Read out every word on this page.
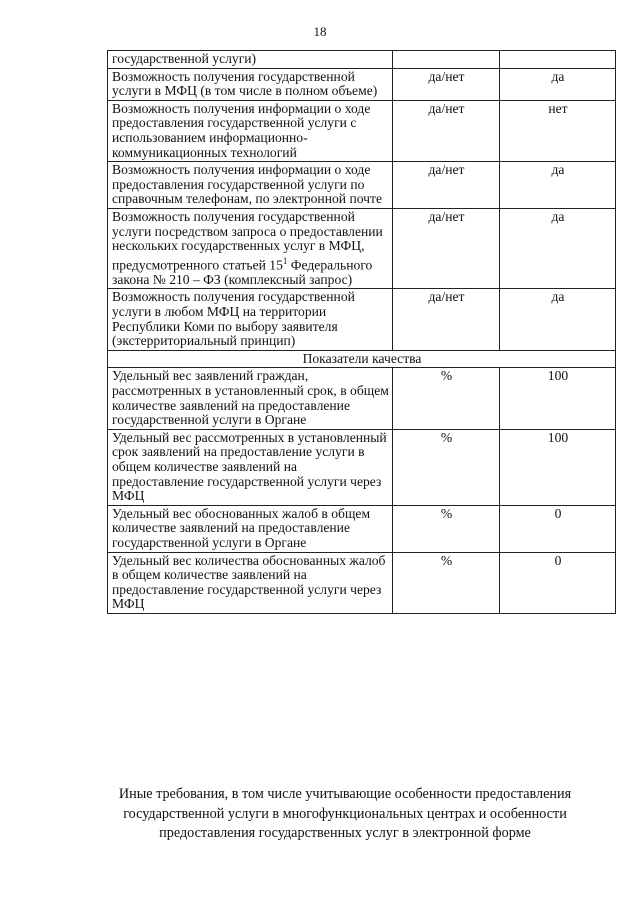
18
государственной услуги)		
Возможность получения государственной услуги в МФЦ (в том числе в полном объеме)	да/нет	да
Возможность получения информации о ходе предоставления государственной услуги с использованием информационно-коммуникационных технологий	да/нет	нет
Возможность получения информации о ходе предоставления государственной услуги по справочным телефонам, по электронной почте	да/нет	да
Возможность получения государственной услуги посредством запроса о предоставлении нескольких государственных услуг в МФЦ, предусмотренного статьей $15^1$ Федерального закона № 210 – ФЗ (комплексный запрос)	да/нет	да
Возможность получения государственной услуги в любом МФЦ на территории Республики Коми по выбору заявителя (экстерриториальный принцип)	да/нет	да
Показатели качества		
Удельный вес заявлений граждан, рассмотренных в установленный срок, в общем количестве заявлений на предоставление государственной услуги в Органе	%	100
Удельный вес рассмотренных в установленный срок заявлений на предоставление услуги в общем количестве заявлений на предоставление государственной услуги через МФЦ	%	100
Удельный вес обоснованных жалоб в общем количестве заявлений на предоставление государственной услуги в Органе	%	0
Удельный вес количества обоснованных жалоб в общем количестве заявлений на предоставление государственной услуги через МФЦ	%	0
Иные требования, в том числе учитывающие особенности предоставления государственной услуги в многофункциональных центрах и особенности предоставления государственных услуг в электронной форме
